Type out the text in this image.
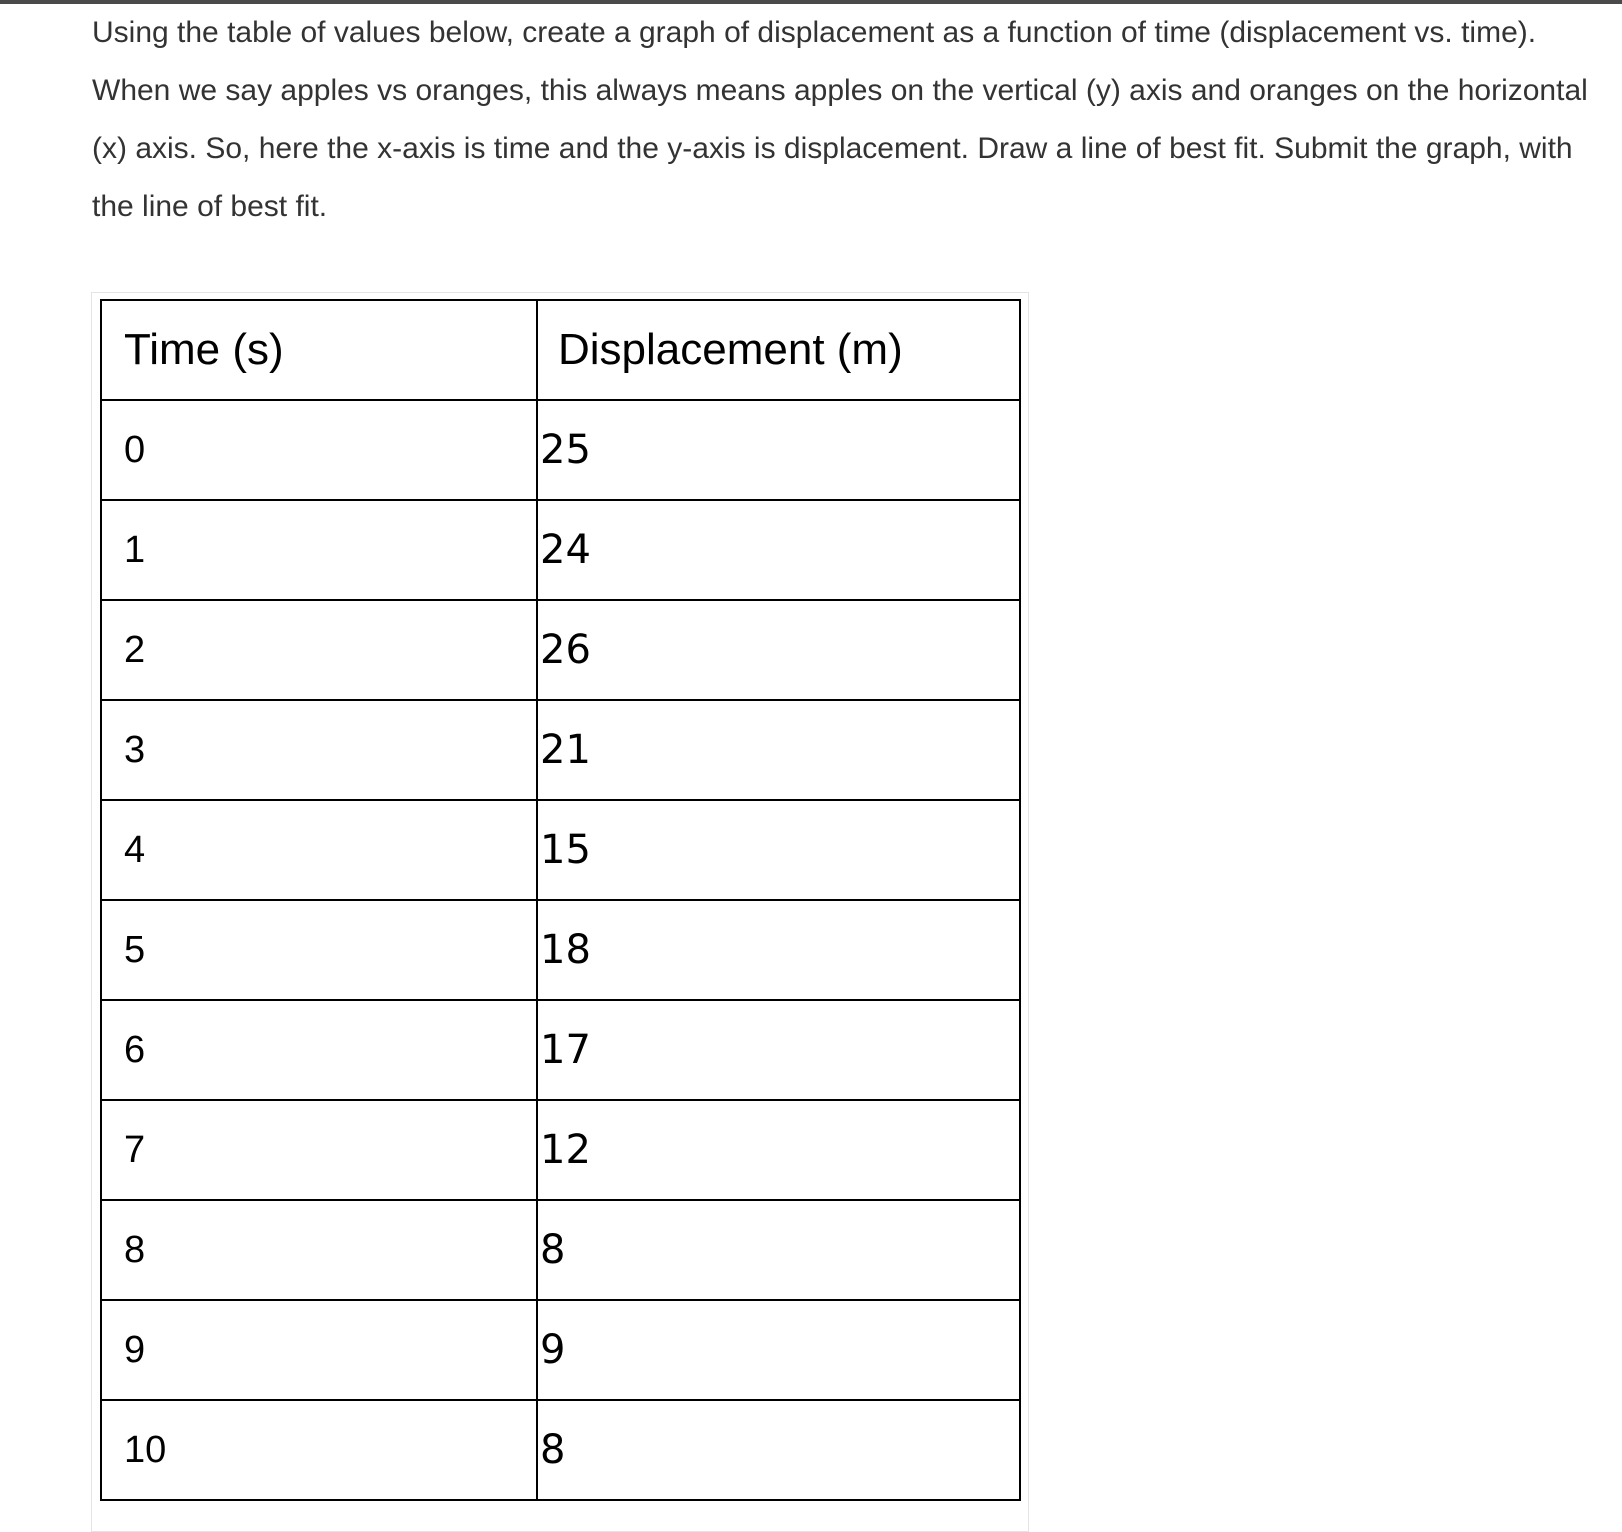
Using the table of values below, create a graph of displacement as a function of time (displacement vs. time). When we say apples vs oranges, this always means apples on the vertical (y) axis and oranges on the horizontal (x) axis. So, here the x-axis is time and the y-axis is displacement. Draw a line of best fit. Submit the graph, with the line of best fit.

Time (s)	Displacement (m)
0	25
1	24
2	26
3	21
4	15
5	18
6	17
7	12
8	8
9	9
10	8
